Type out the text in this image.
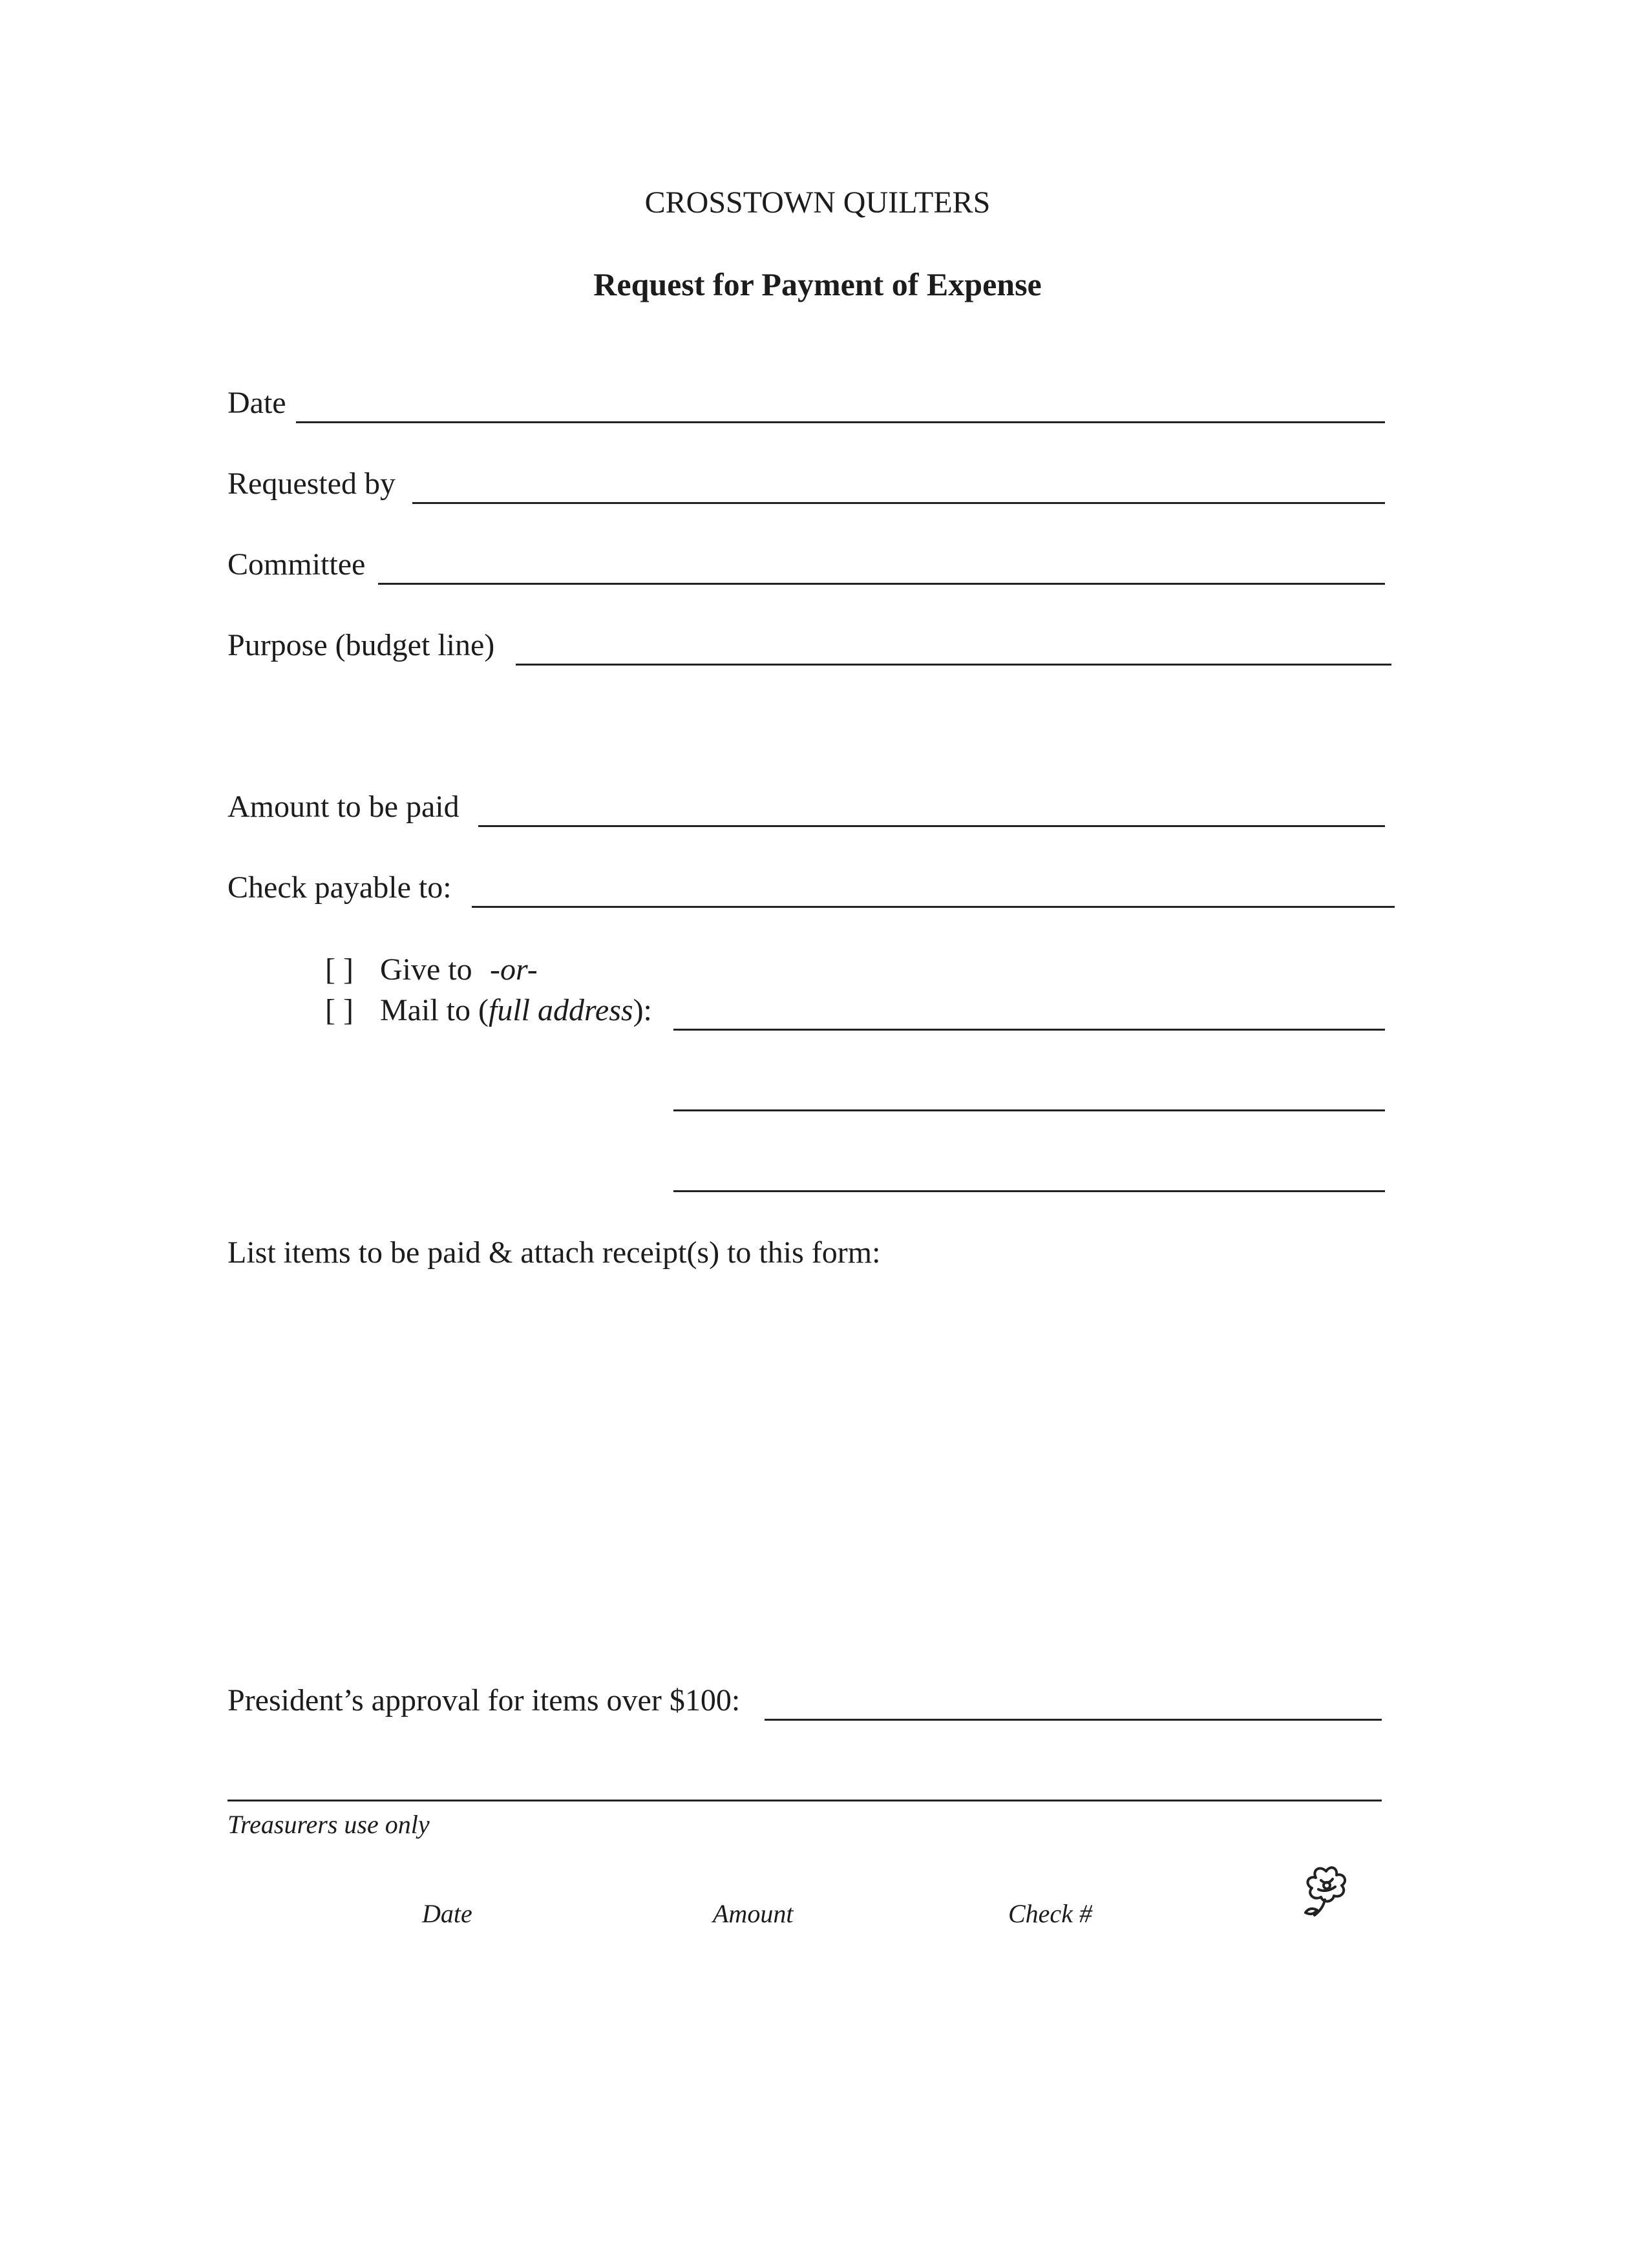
CROSSTOWN QUILTERS
Request for Payment of Expense
Date
Requested by
Committee
Purpose (budget line)
Amount to be paid
Check payable to:
[ ] Give to -or-
[ ] Mail to (full address):
List items to be paid & attach receipt(s) to this form:
President’s approval for items over $100:
Treasurers use only
Date	Amount	Check #
